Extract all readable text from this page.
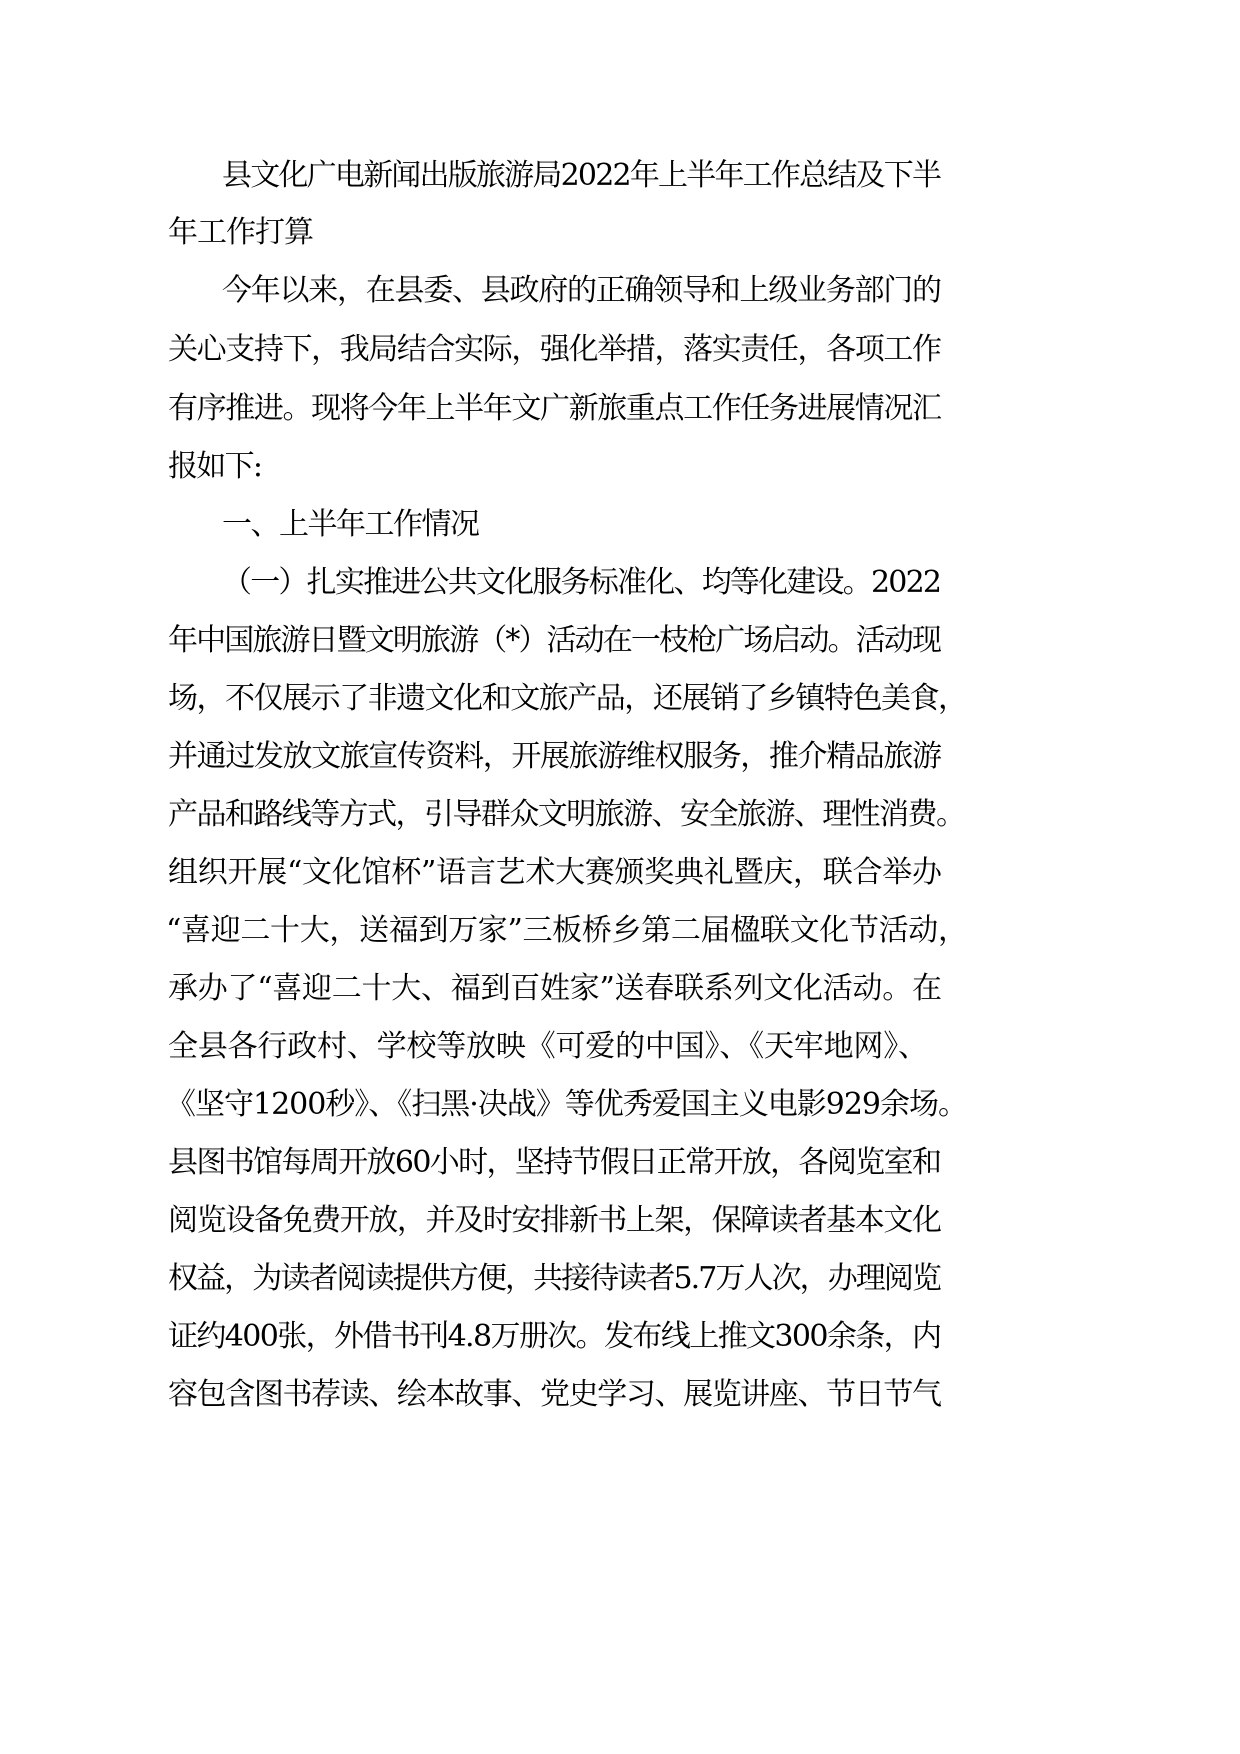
县文化广电新闻出版旅游局2022年上半年工作总结及下半
年工作打算
今年以来，在县委、县政府的正确领导和上级业务部门的
关心支持下，我局结合实际，强化举措，落实责任，各项工作
有序推进。现将今年上半年文广新旅重点工作任务进展情况汇
报如下:
一、上半年工作情况
（一）扎实推进公共文化服务标准化、均等化建设。2022
年中国旅游日暨文明旅游（*）活动在一枝枪广场启动。活动现
场，不仅展示了非遗文化和文旅产品，还展销了乡镇特色美食，
并通过发放文旅宣传资料，开展旅游维权服务，推介精品旅游
产品和路线等方式，引导群众文明旅游、安全旅游、理性消费。
组织开展“文化馆杯”语言艺术大赛颁奖典礼暨庆，联合举办
“喜迎二十大，送福到万家”三板桥乡第二届楹联文化节活动，
承办了“喜迎二十大、福到百姓家”送春联系列文化活动。在
全县各行政村、学校等放映《可爱的中国》、《天牢地网》、
《坚守1200秒》、《扫黑·决战》等优秀爱国主义电影929余场。
县图书馆每周开放60小时，坚持节假日正常开放，各阅览室和
阅览设备免费开放，并及时安排新书上架，保障读者基本文化
权益，为读者阅读提供方便，共接待读者5.7万人次，办理阅览
证约400张，外借书刊4.8万册次。发布线上推文300余条，内
容包含图书荐读、绘本故事、党史学习、展览讲座、节日节气
